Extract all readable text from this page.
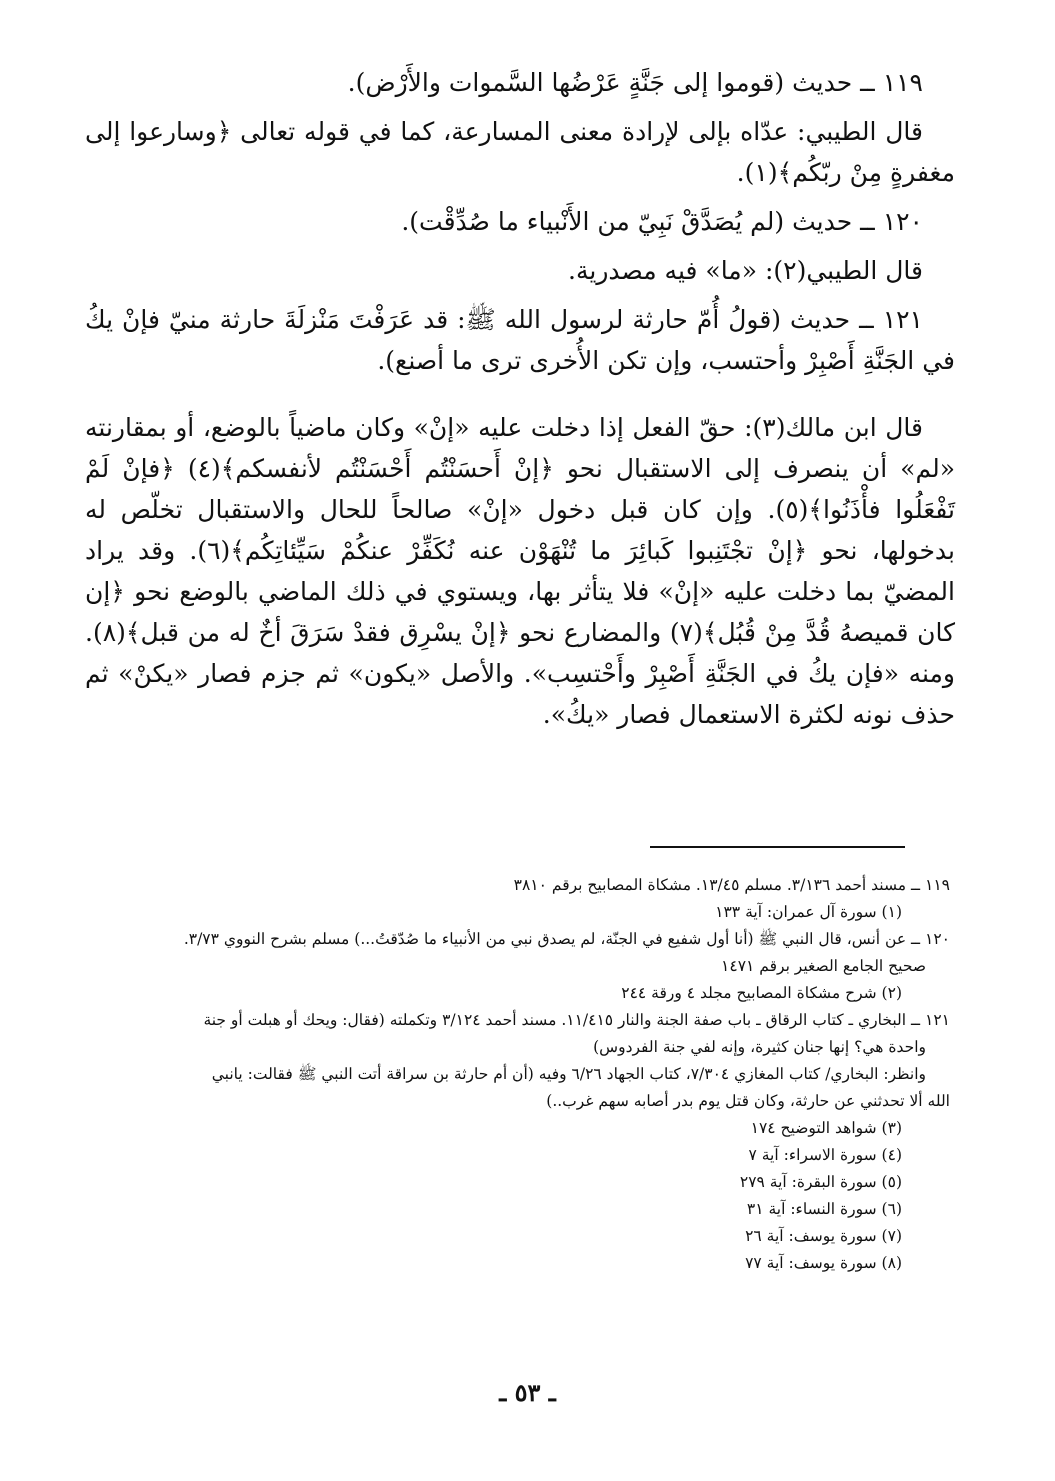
١١٩ ــ حديث (قوموا إلى جَنَّةٍ عَرْضُها السَّموات والأَرْض).

قال الطيبي: عدّاه بإلى لإرادة معنى المسارعة، كما في قوله تعالى ﴿وسارعوا إلى مغفرةٍ مِنْ ربّكُم﴾(١).

١٢٠ ــ حديث (لم يُصَدَّقْ نَبِيّ من الأَنْبياء ما صُدِّقْت).

قال الطيبي(٢): «ما» فيه مصدرية.

١٢١ ــ حديث (قولُ أُمّ حارثة لرسول الله ﷺ: قد عَرَفْتَ مَنْزلَةَ حارثة منيّ فإنْ يكُ في الجَنَّةِ أَصْبِرْ وأحتسب، وإن تكن الأُخرى ترى ما أصنع).

قال ابن مالك(٣): حقّ الفعل إذا دخلت عليه «إنْ» وكان ماضياً بالوضع، أو بمقارنته «لم» أن ينصرف إلى الاستقبال نحو ﴿إنْ أَحسَنْتُم أَحْسَنْتُم لأنفسكم﴾(٤) ﴿فإنْ لَمْ تَفْعَلُوا فأْذَنُوا﴾(٥). وإن كان قبل دخول «إنْ» صالحاً للحال والاستقبال تخلّص له بدخولها، نحو ﴿إنْ تجْتَنِبوا كَبائِرَ ما تُنْهَوْن عنه نُكَفِّرْ عنكُمْ سَيِّئاتِكُم﴾(٦). وقد يراد المضيّ بما دخلت عليه «إنْ» فلا يتأثر بها، ويستوي في ذلك الماضي بالوضع نحو ﴿إن كان قميصهُ قُدَّ مِنْ قُبُل﴾(٧) والمضارع نحو ﴿إنْ يسْرِق فقدْ سَرَقَ أخٌ له من قبل﴾(٨). ومنه «فإن يكُ في الجَنَّةِ أَصْبِرْ وأَحْتسِب». والأصل «يكون» ثم جزم فصار «يكنْ» ثم حذف نونه لكثرة الاستعمال فصار «يكُ».

١١٩ ــ مسند أحمد ٣/١٣٦. مسلم ١٣/٤٥. مشكاة المصابيح برقم ٣٨١٠

(١) سورة آل عمران: آية ١٣٣

١٢٠ ــ عن أنس، قال النبي ﷺ (أنا أول شفيع في الجنّة، لم يصدق نبي من الأنبياء ما صُدّقتُ...) مسلم بشرح النووي ٣/٧٣.

صحيح الجامع الصغير برقم ١٤٧١

(٢) شرح مشكاة المصابيح مجلد ٤ ورقة ٢٤٤

١٢١ ــ البخاري ـ كتاب الرقاق ـ باب صفة الجنة والنار ١١/٤١٥. مسند أحمد ٣/١٢٤ وتكملته (فقال: ويحك أو هبلت أو جنة

واحدة هي؟ إنها جنان كثيرة، وإنه لفي جنة الفردوس)

وانظر: البخاري/ كتاب المغازي ٧/٣٠٤، كتاب الجهاد ٦/٢٦ وفيه (أن أم حارثة بن سراقة أتت النبي ﷺ فقالت: يانبي

الله ألا تحدثني عن حارثة، وكان قتل يوم بدر أصابه سهم غرب..)

(٣) شواهد التوضيح ١٧٤

(٤) سورة الاسراء: آية ٧

(٥) سورة البقرة: آية ٢٧٩

(٦) سورة النساء: آية ٣١

(٧) سورة يوسف: آية ٢٦

(٨) سورة يوسف: آية ٧٧

ـ ٥٣ ـ
